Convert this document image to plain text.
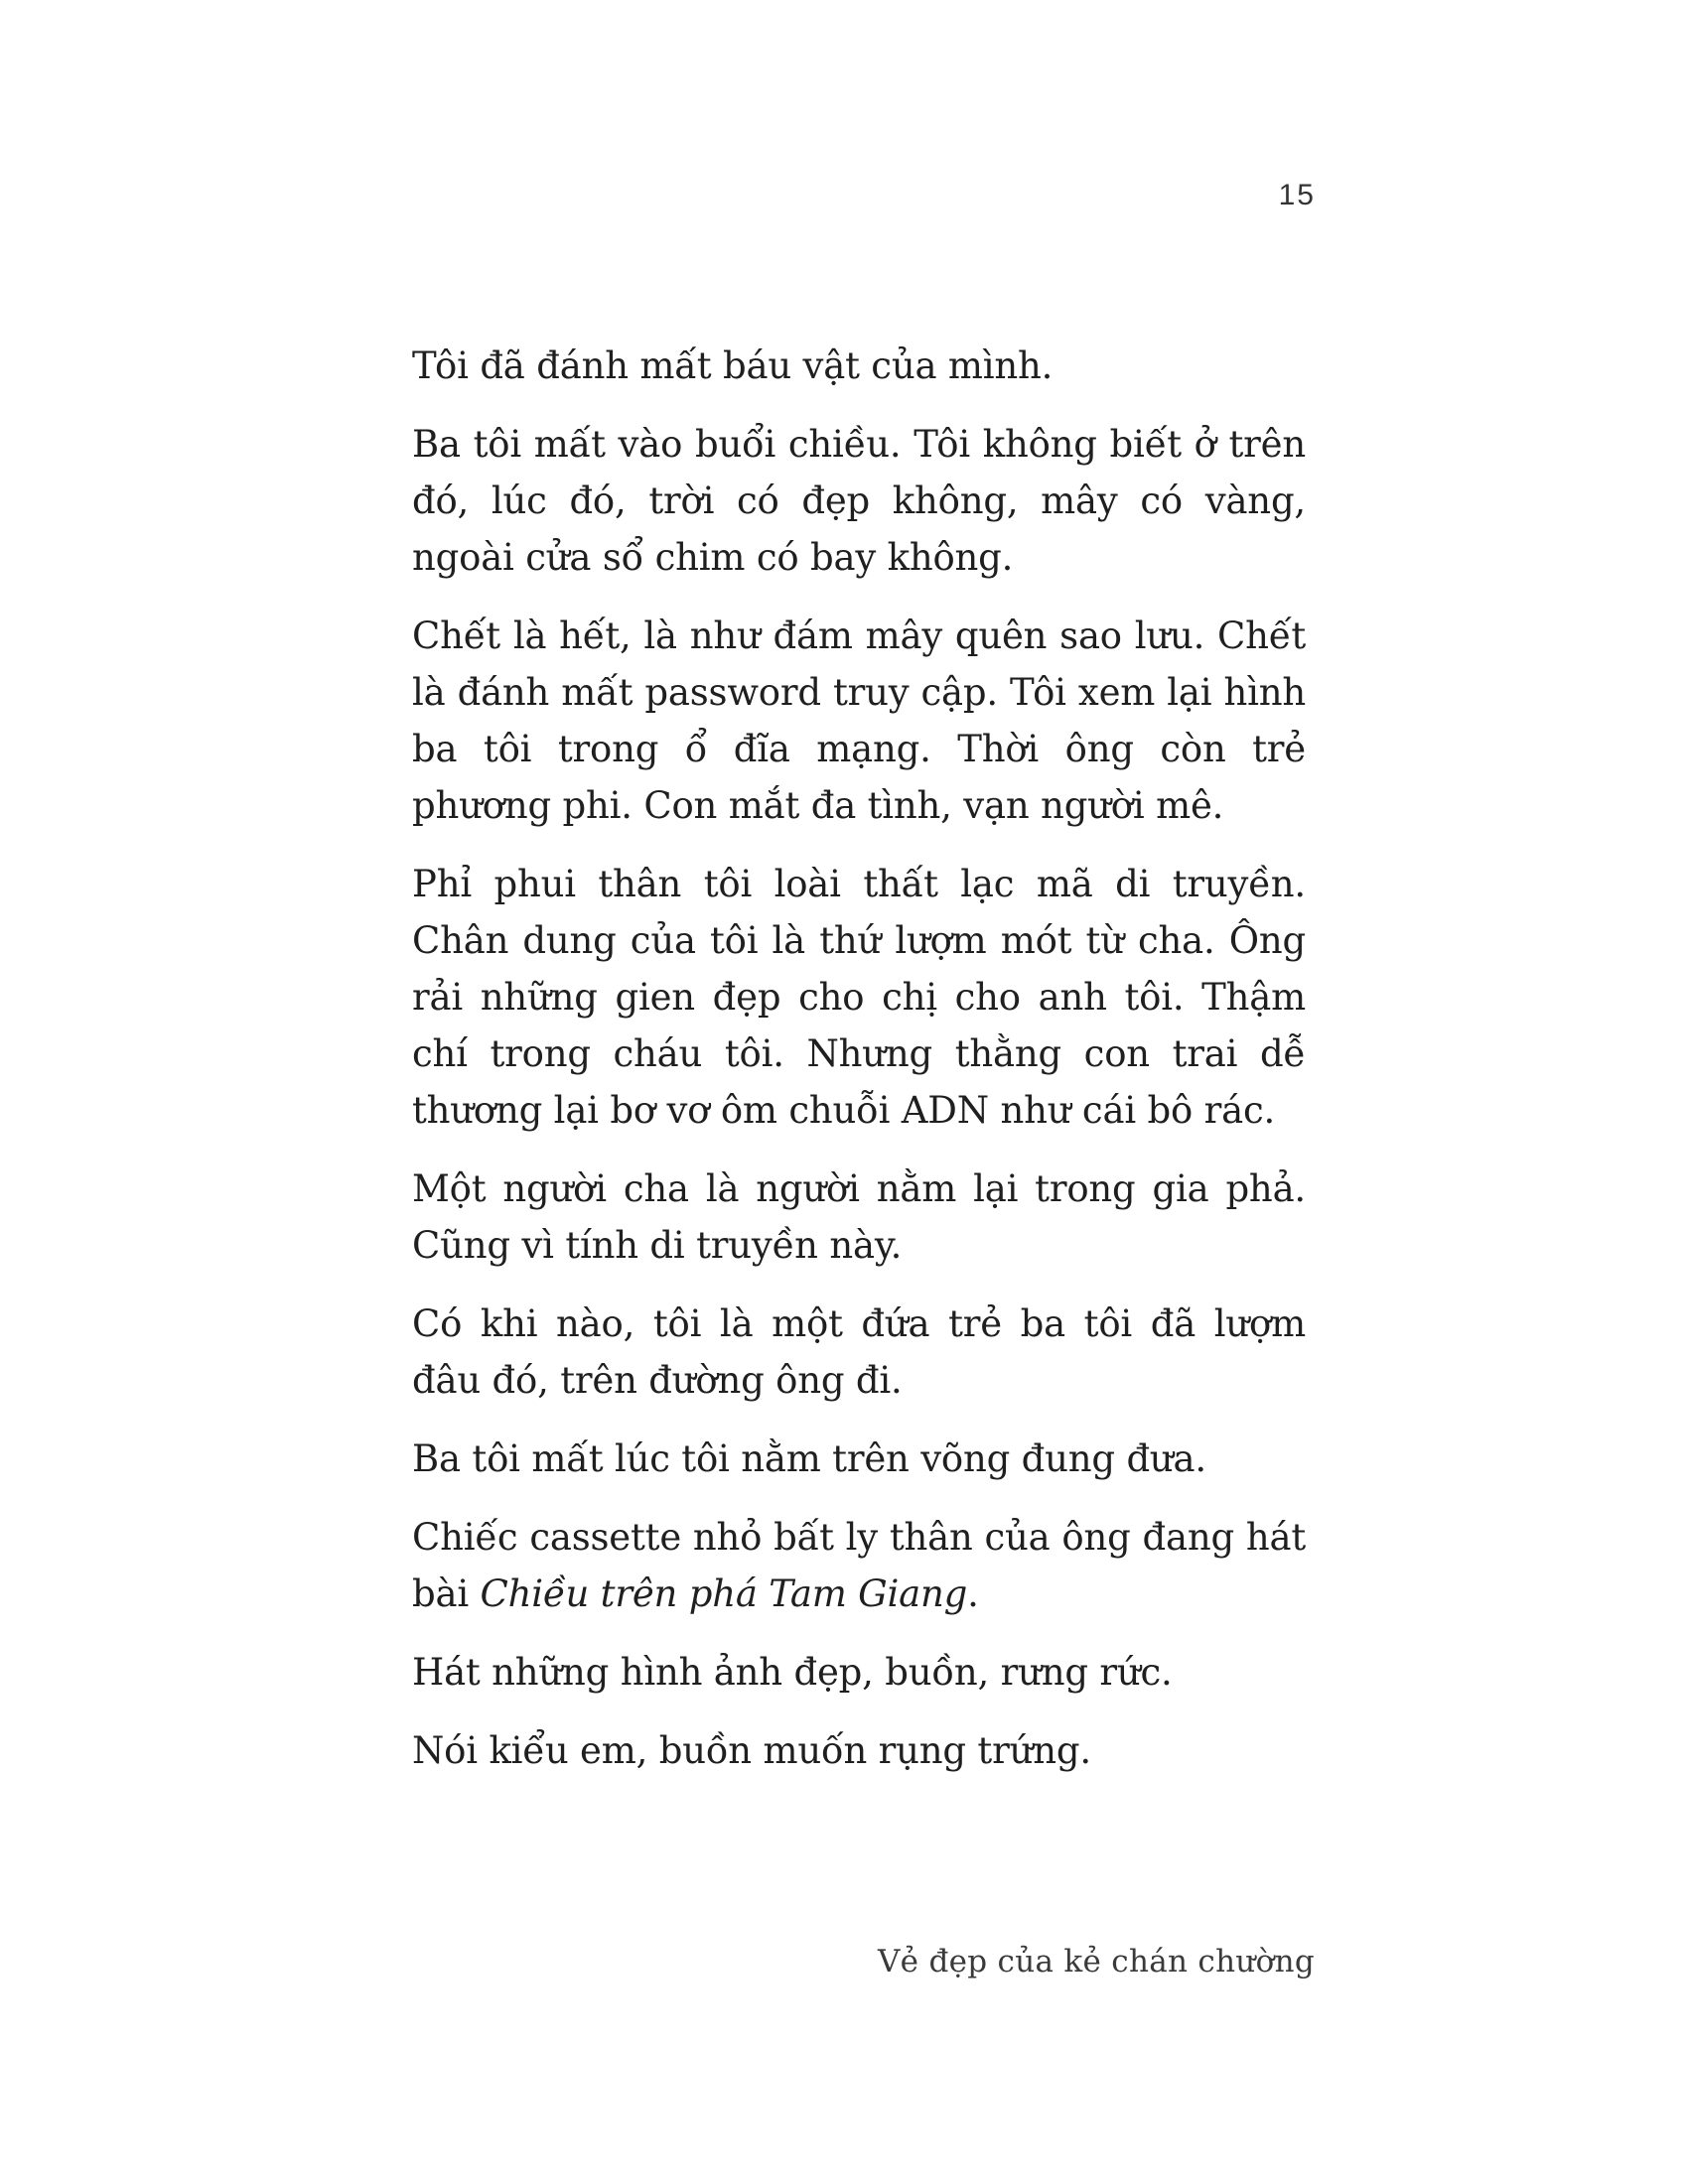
15

Tôi đã đánh mất báu vật của mình.

Ba tôi mất vào buổi chiều. Tôi không biết ở trên đó, lúc đó, trời có đẹp không, mây có vàng, ngoài cửa sổ chim có bay không.

Chết là hết, là như đám mây quên sao lưu. Chết là đánh mất password truy cập. Tôi xem lại hình ba tôi trong ổ đĩa mạng. Thời ông còn trẻ phương phi. Con mắt đa tình, vạn người mê.

Phỉ phui thân tôi loài thất lạc mã di truyền. Chân dung của tôi là thứ lượm mót từ cha. Ông rải những gien đẹp cho chị cho anh tôi. Thậm chí trong cháu tôi. Nhưng thằng con trai dễ thương lại bơ vơ ôm chuỗi ADN như cái bô rác.

Một người cha là người nằm lại trong gia phả. Cũng vì tính di truyền này.

Có khi nào, tôi là một đứa trẻ ba tôi đã lượm đâu đó, trên đường ông đi.

Ba tôi mất lúc tôi nằm trên võng đung đưa.

Chiếc cassette nhỏ bất ly thân của ông đang hát bài Chiều trên phá Tam Giang.

Hát những hình ảnh đẹp, buồn, rưng rức.

Nói kiểu em, buồn muốn rụng trứng.

Vẻ đẹp của kẻ chán chường
